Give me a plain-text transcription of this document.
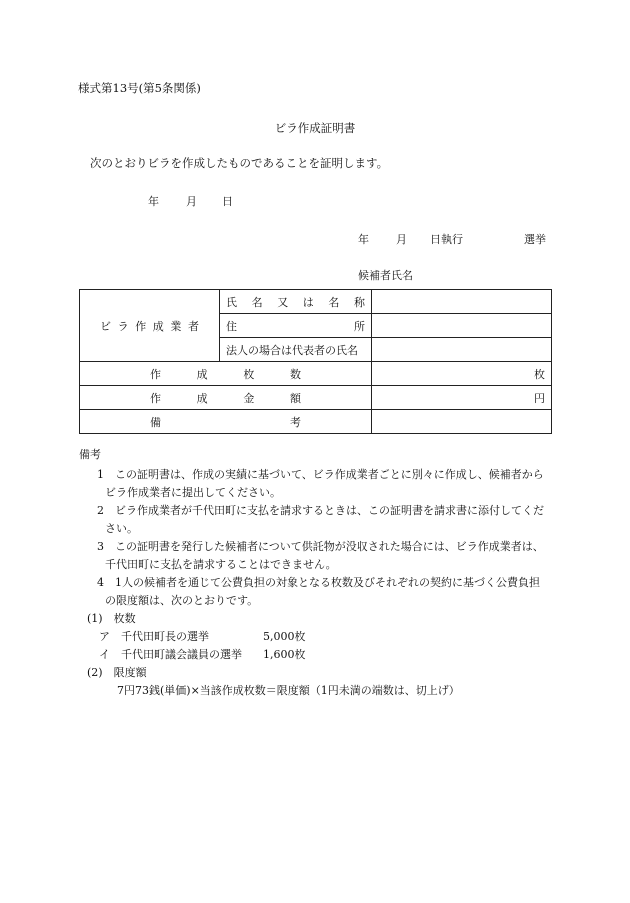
様式第13号(第5条関係)
ビラ作成証明書
次のとおりビラを作成したものであることを証明します。
年 月 日
年 月 日執行	選挙
候補者氏名
ビラ作成業者	氏名又は名称	

	住所	

	法人の場合は代表者の氏名	

作成枚数		枚

作成金額		円

備考		

備考
1　この証明書は、作成の実績に基づいて、ビラ作成業者ごとに別々に作成し、候補者からビラ作成業者に提出してください。
2　ビラ作成業者が千代田町に支払を請求するときは、この証明書を請求書に添付してください。
3　この証明書を発行した候補者について供託物が没収された場合には、ビラ作成業者は、千代田町に支払を請求することはできません。
4　1人の候補者を通じて公費負担の対象となる枚数及びそれぞれの契約に基づく公費負担の限度額は、次のとおりです。
(1)　枚数
ア　千代田町長の選挙	5,000枚
イ　千代田町議会議員の選挙 1,600枚
(2)　限度額
7円73銭(単価)×当該作成枚数＝限度額（1円未満の端数は、切上げ）
